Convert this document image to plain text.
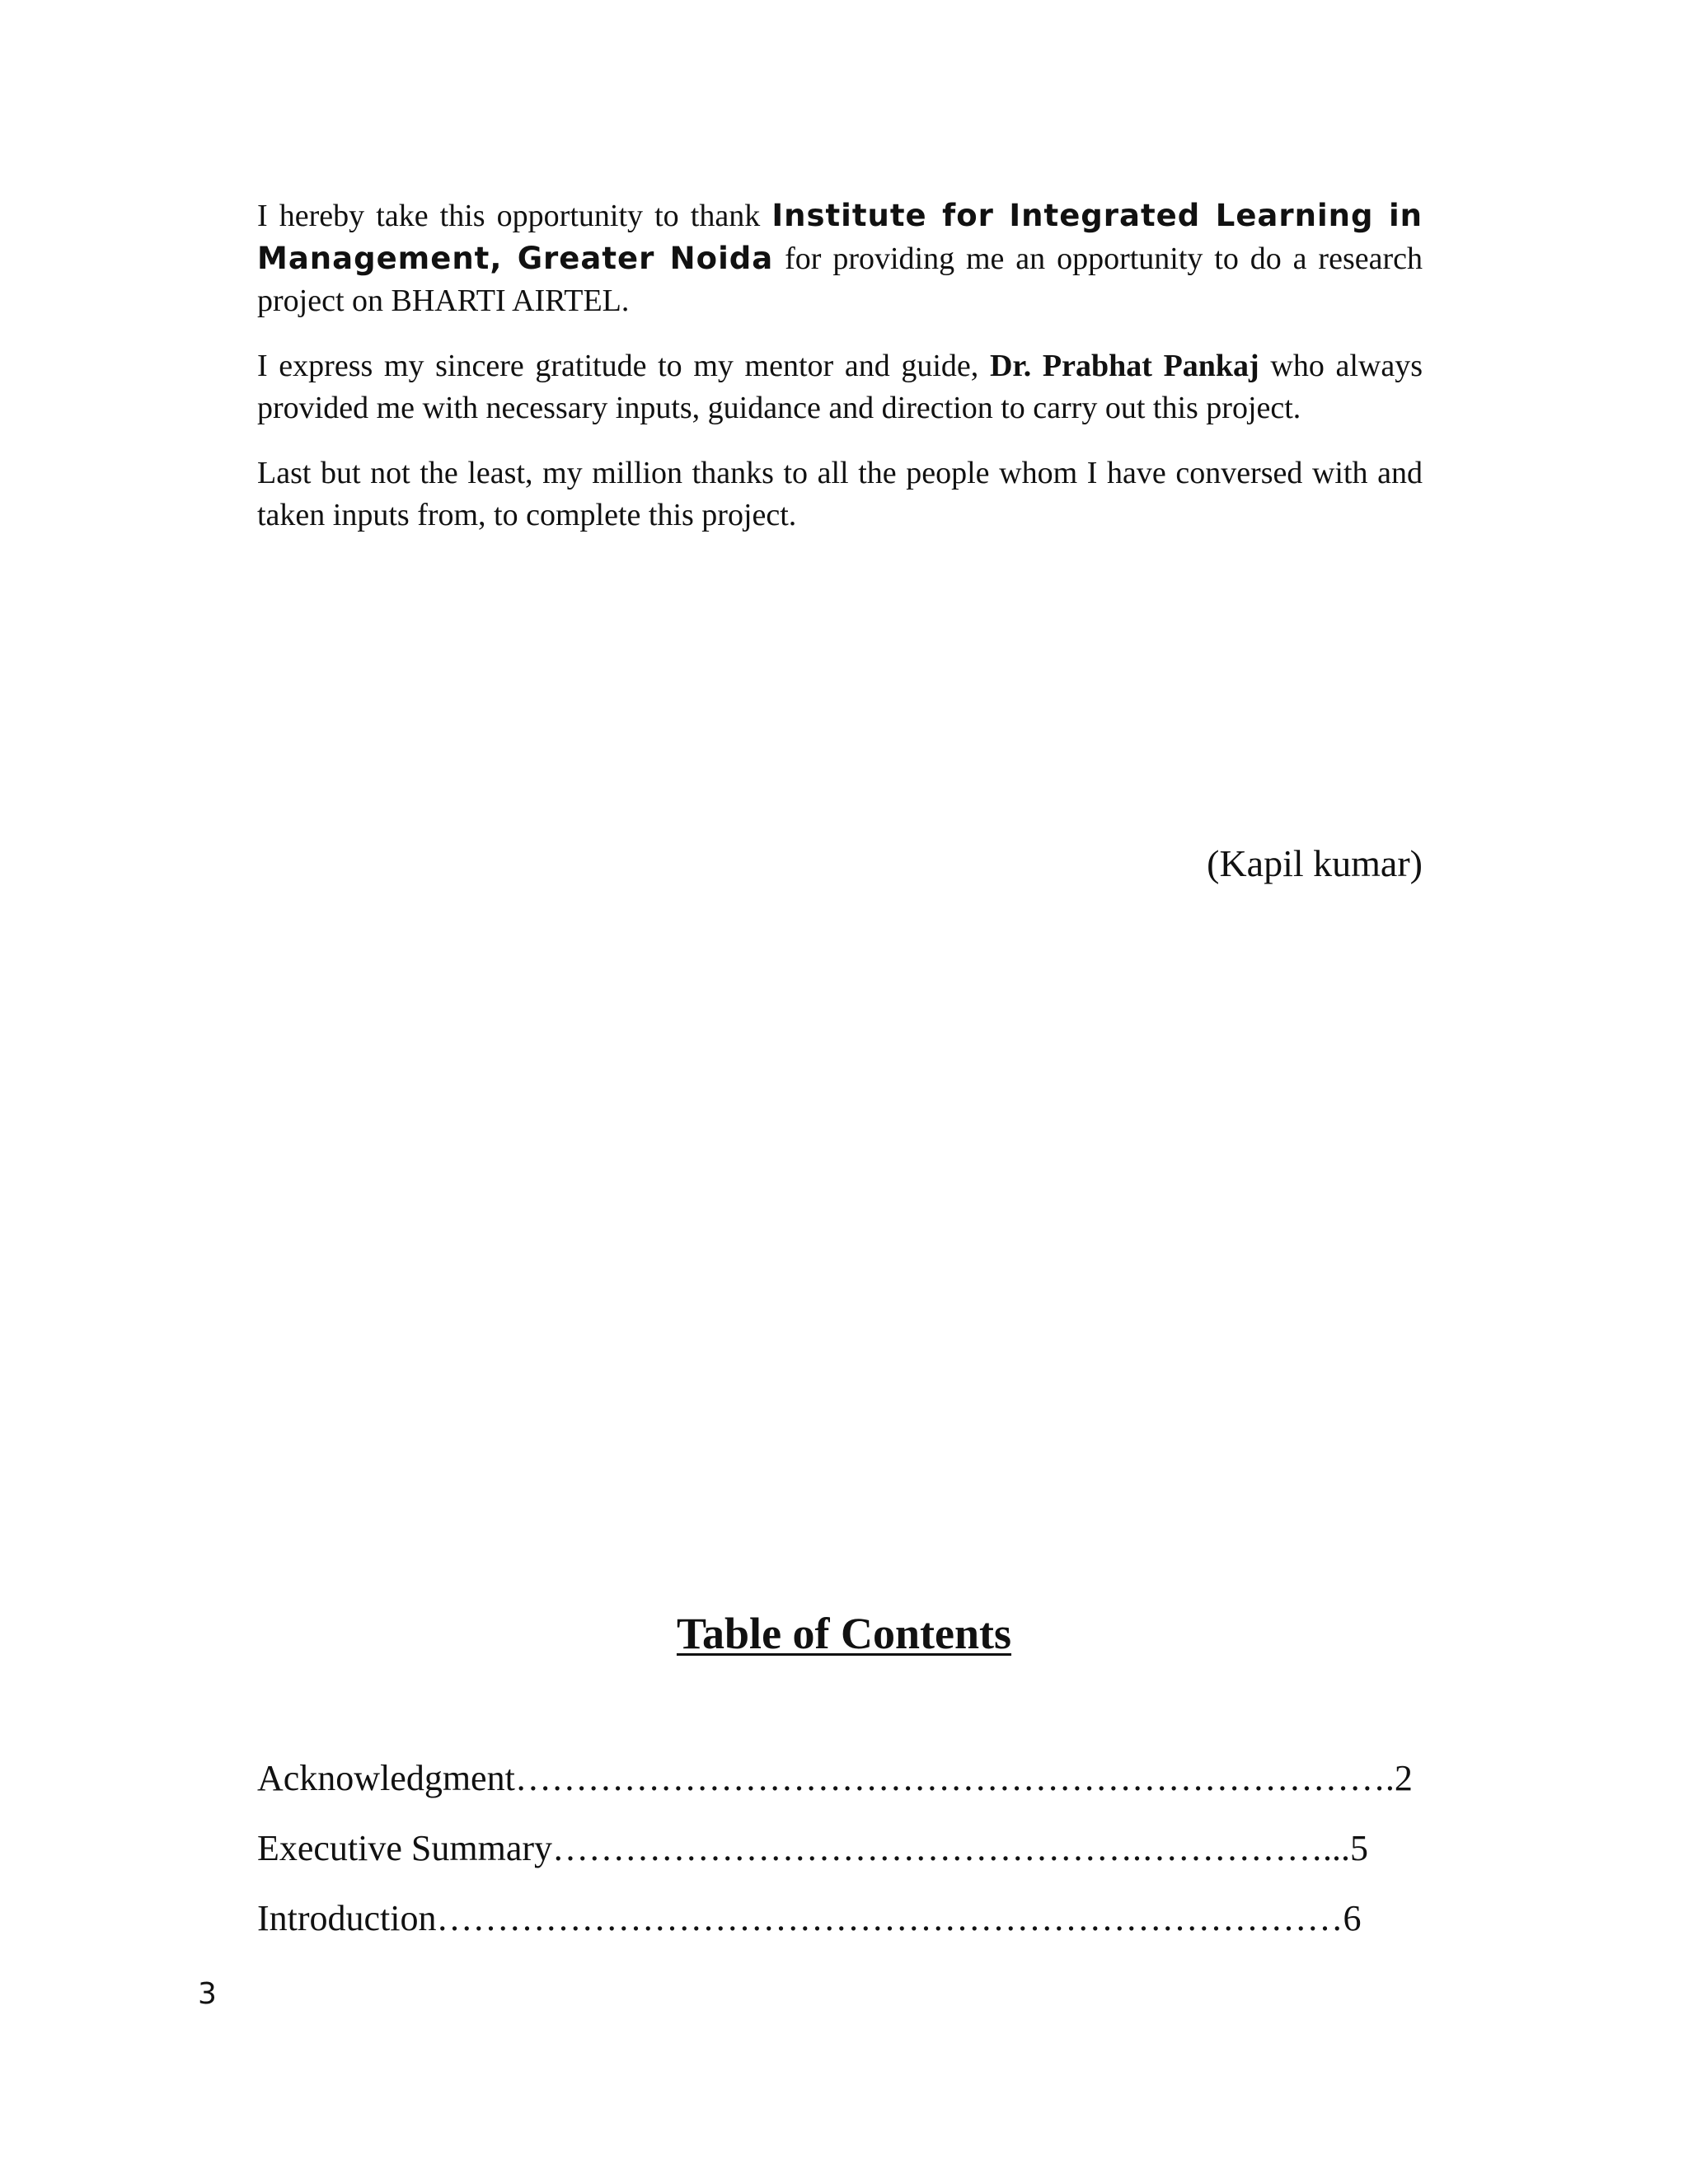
I hereby take this opportunity to thank Institute for Integrated Learning in Management, Greater Noida for providing me an opportunity to do a research project on BHARTI AIRTEL.

I express my sincere gratitude to my mentor and guide, Dr. Prabhat Pankaj who always provided me with necessary inputs, guidance and direction to carry out this project.

Last but not the least, my million thanks to all the people whom I have conversed with and taken inputs from, to complete this project.

(Kapil kumar)
Table of Contents
Acknowledgment……………………………………………………………….2
Executive Summary………………………………………….……………...5
Introduction…………………………………………………………………6
3
